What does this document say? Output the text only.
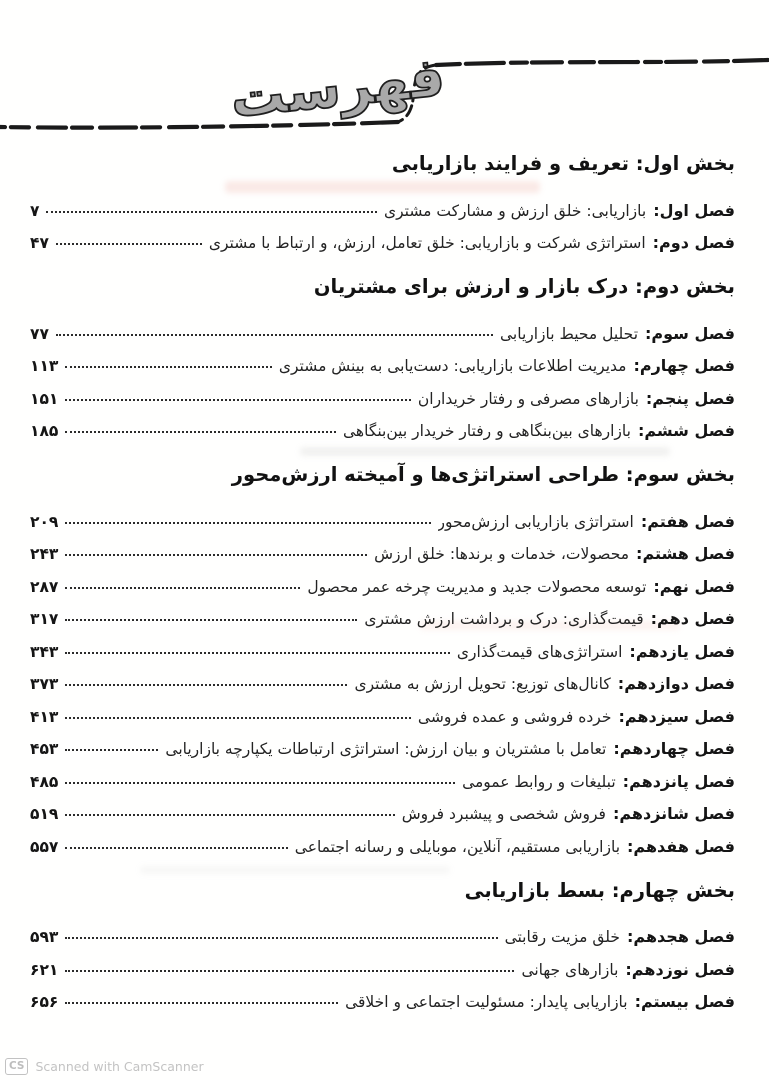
فهرست
بخش اول: تعریف و فرایند بازاریابی
فصل اول:
بازاریابی: خلق ارزش و مشارکت مشتری
۷
فصل دوم:
استراتژی شرکت و بازاریابی: خلق تعامل، ارزش، و ارتباط با مشتری
۴۷
بخش دوم: درک بازار و ارزش برای مشتریان
فصل سوم:
تحلیل محیط بازاریابی
۷۷
فصل چهارم:
مدیریت اطلاعات بازاریابی: دست‌یابی به بینش مشتری
۱۱۳
فصل پنجم:
بازارهای مصرفی و رفتار خریداران
۱۵۱
فصل ششم:
بازارهای بین‌بنگاهی و رفتار خریدار بین‌بنگاهی
۱۸۵
بخش سوم: طراحی استراتژی‌ها و آمیخته ارزش‌محور
فصل هفتم:
استراتژی بازاریابی ارزش‌محور
۲۰۹
فصل هشتم:
محصولات، خدمات و برندها: خلق ارزش
۲۴۳
فصل نهم:
توسعه محصولات جدید و مدیریت چرخه عمر محصول
۲۸۷
فصل دهم:
قیمت‌گذاری: درک و برداشت ارزش مشتری
۳۱۷
فصل یازدهم:
استراتژی‌های قیمت‌گذاری
۳۴۳
فصل دوازدهم:
کانال‌های توزیع: تحویل ارزش به مشتری
۳۷۳
فصل سیزدهم:
خرده فروشی و عمده فروشی
۴۱۳
فصل چهاردهم:
تعامل با مشتریان و بیان ارزش: استراتژی ارتباطات یکپارچه بازاریابی
۴۵۳
فصل پانزدهم:
تبلیغات و روابط عمومی
۴۸۵
فصل شانزدهم:
فروش شخصی و پیشبرد فروش
۵۱۹
فصل هفدهم:
بازاریابی مستقیم، آنلاین، موبایلی و رسانه اجتماعی
۵۵۷
بخش چهارم: بسط بازاریابی
فصل هجدهم:
خلق مزیت رقابتی
۵۹۳
فصل نوزدهم:
بازارهای جهانی
۶۲۱
فصل بیستم:
بازاریابی پایدار: مسئولیت اجتماعی و اخلاقی
۶۵۶
CS Scanned with CamScanner
